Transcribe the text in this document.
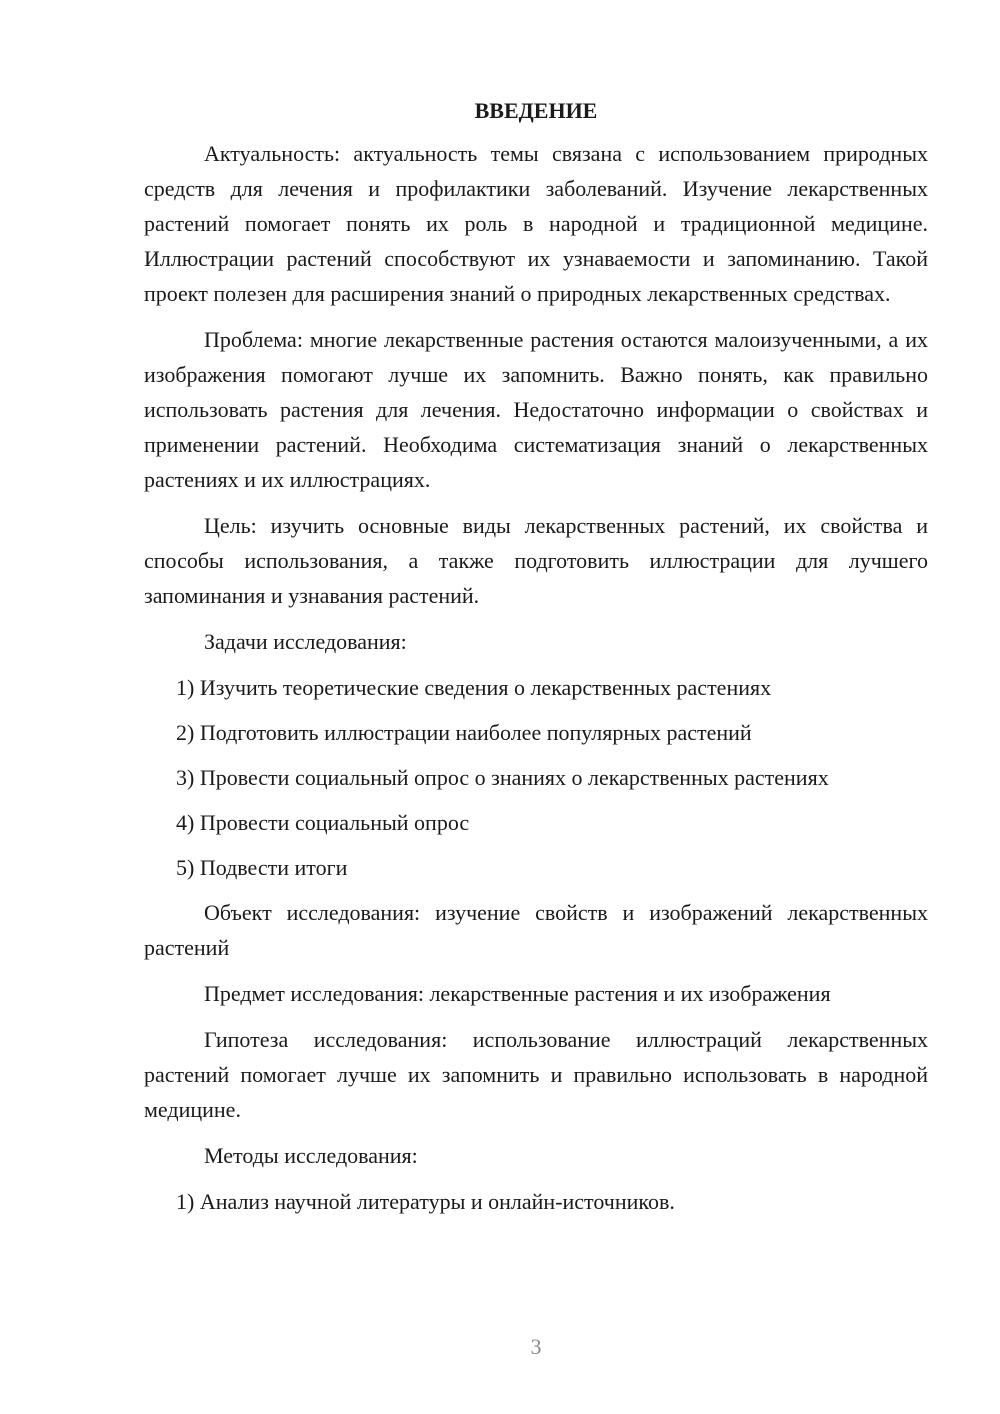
ВВЕДЕНИЕ

Актуальность: актуальность темы связана с использованием природных средств для лечения и профилактики заболеваний. Изучение лекарственных растений помогает понять их роль в народной и традиционной медицине. Иллюстрации растений способствуют их узнаваемости и запоминанию. Такой проект полезен для расширения знаний о природных лекарственных средствах.

Проблема: многие лекарственные растения остаются малоизученными, а их изображения помогают лучше их запомнить. Важно понять, как правильно использовать растения для лечения. Недостаточно информации о свойствах и применении растений. Необходима систематизация знаний о лекарственных растениях и их иллюстрациях.

Цель: изучить основные виды лекарственных растений, их свойства и способы использования, а также подготовить иллюстрации для лучшего запоминания и узнавания растений.

Задачи исследования:

1) Изучить теоретические сведения о лекарственных растениях

2) Подготовить иллюстрации наиболее популярных растений

3) Провести социальный опрос о знаниях о лекарственных растениях

4) Провести социальный опрос

5) Подвести итоги

Объект исследования: изучение свойств и изображений лекарственных растений

Предмет исследования: лекарственные растения и их изображения

Гипотеза исследования: использование иллюстраций лекарственных растений помогает лучше их запомнить и правильно использовать в народной медицине.

Методы исследования:

1) Анализ научной литературы и онлайн-источников.

3
